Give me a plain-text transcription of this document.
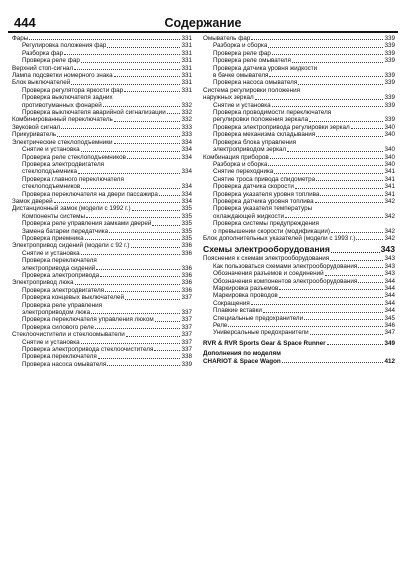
444	Содержание
Фары	331
Регулировка положения фар	331
Разборка фар	331
Проверка реле фар	331
Верхний стоп-сигнал	331
Лампа подсветки номерного знака	331
Блок выключателей	331
Проверка регулятора яркости фар	331
Проверка выключателя задних
противотуманных фонарей	332
Проверка выключателя аварийной сигнализации	332
Комбинированный переключатель	332
Звуковой сигнал	333
Прикуриватель	333
Электрические стеклоподъемники	334
Снятие и установка	334
Проверка реле стеклоподъемников	334
Проверка электродвигателя
стеклоподъемника	334
Проверка главного переключателя
стеклоподъемников	334
Проверка переключателя на двери пассажира	334
Замок дверей	334
Дистанционный замок (модели с 1992 г.)	335
Компоненты системы	335
Проверка реле управления замками дверей	335
Замена батареи передатчика	335
Проверка приемника	335
Электропривод сидений (модели с 92 г.)	336
Снятие и установка	336
Проверка переключателя
электропривода сидений	336
Проверка электропривода	336
Электропривод люка	336
Проверка электродвигателя	336
Проверка концевых выключателей	337
Проверка реле управления
электроприводом люка	337
Проверка переключателя управления люком	337
Проверка силового реле	337
Стеклоочистители и стеклоомыватели	337
Снятие и установка	337
Проверка электропривода стеклоочистителя	337
Проверка переключателя	338
Проверка насоса омывателя	339
Омыватель фар	339
Разборка и сборка	339
Проверка реле фар	339
Проверка реле омывателя	339
Проверка датчика уровня жидкости
в бачке омывателя	339
Проверка насоса омывателя	339
Система регулировки положения
наружных зеркал	339
Снятие и установка	339
Проверка проводимости переключателя
регулировки положения зеркала	339
Проверка электропривода регулировки зеркал	340
Проверка механизма складывания	340
Проверка блока управления
электроприводом зеркал	340
Комбинация приборов	340
Разборка и сборка	340
Снятие переходника	341
Снятие троса привода спидометра	341
Проверка датчика скорости	341
Проверка указателя уровня топлива	341
Проверка датчика уровня топлива	342
Проверка указателя температуры
охлаждающей жидкости	342
Проверка системы предупреждения
о превышении скорости (модификации)	342
Блок дополнительных указателей (модели с 1993 г.)	342
Схемы электрооборудования	343
Пояснения к схемам электрооборудования	343
Как пользоваться схемами электрооборудования	343
Обозначения разъемов и соединений	343
Обозначения компонентов электрооборудования	344
Маркировка разъемов	344
Маркировка проводов	344
Сокращения	344
Плавкие вставки	344
Специальные предохранители	345
Реле	346
Универсальные предохранители	347
RVR & RVR Sports Gear & Space Runner	349
Дополнения по моделям
CHARIOT & Space Wagon	412
